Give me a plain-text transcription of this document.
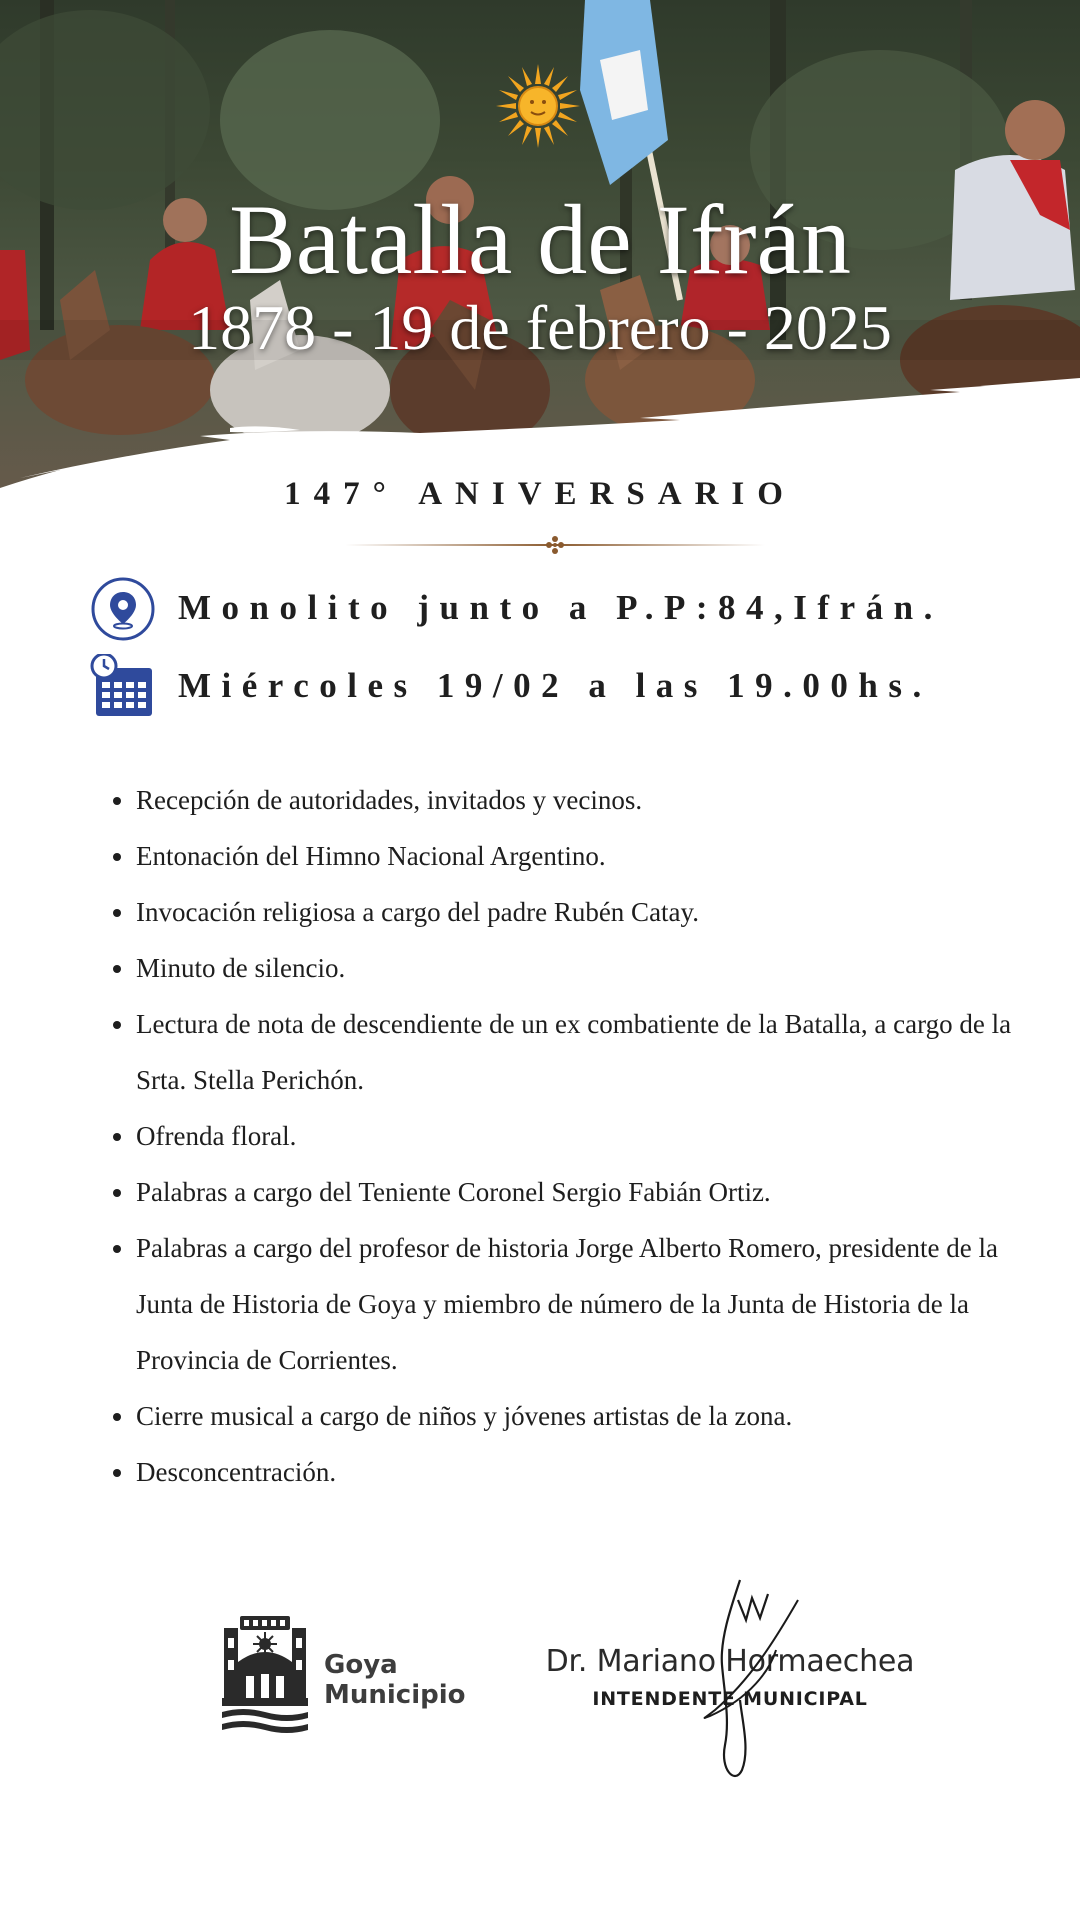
Batalla de Ifrán
1878 - 19 de febrero - 2025
147° ANIVERSARIO
Monolito junto a P.P:84,Ifrán.
Miércoles 19/02 a las 19.00hs.
• Recepción de autoridades, invitados y vecinos.
• Entonación del Himno Nacional Argentino.
• Invocación religiosa a cargo del padre Rubén Catay.
• Minuto de silencio.
• Lectura de nota de descendiente de un ex combatiente de la Batalla, a cargo de la Srta. Stella Perichón.
• Ofrenda floral.
• Palabras a cargo del Teniente Coronel Sergio Fabián Ortiz.
• Palabras a cargo del profesor de historia Jorge Alberto Romero, presidente de la Junta de Historia de Goya y miembro de número de la Junta de Historia de la Provincia de Corrientes.
• Cierre musical a cargo de niños y jóvenes artistas de la zona.
• Desconcentración.
Goya
Municipio
Dr. Mariano Hormaechea
INTENDENTE MUNICIPAL
